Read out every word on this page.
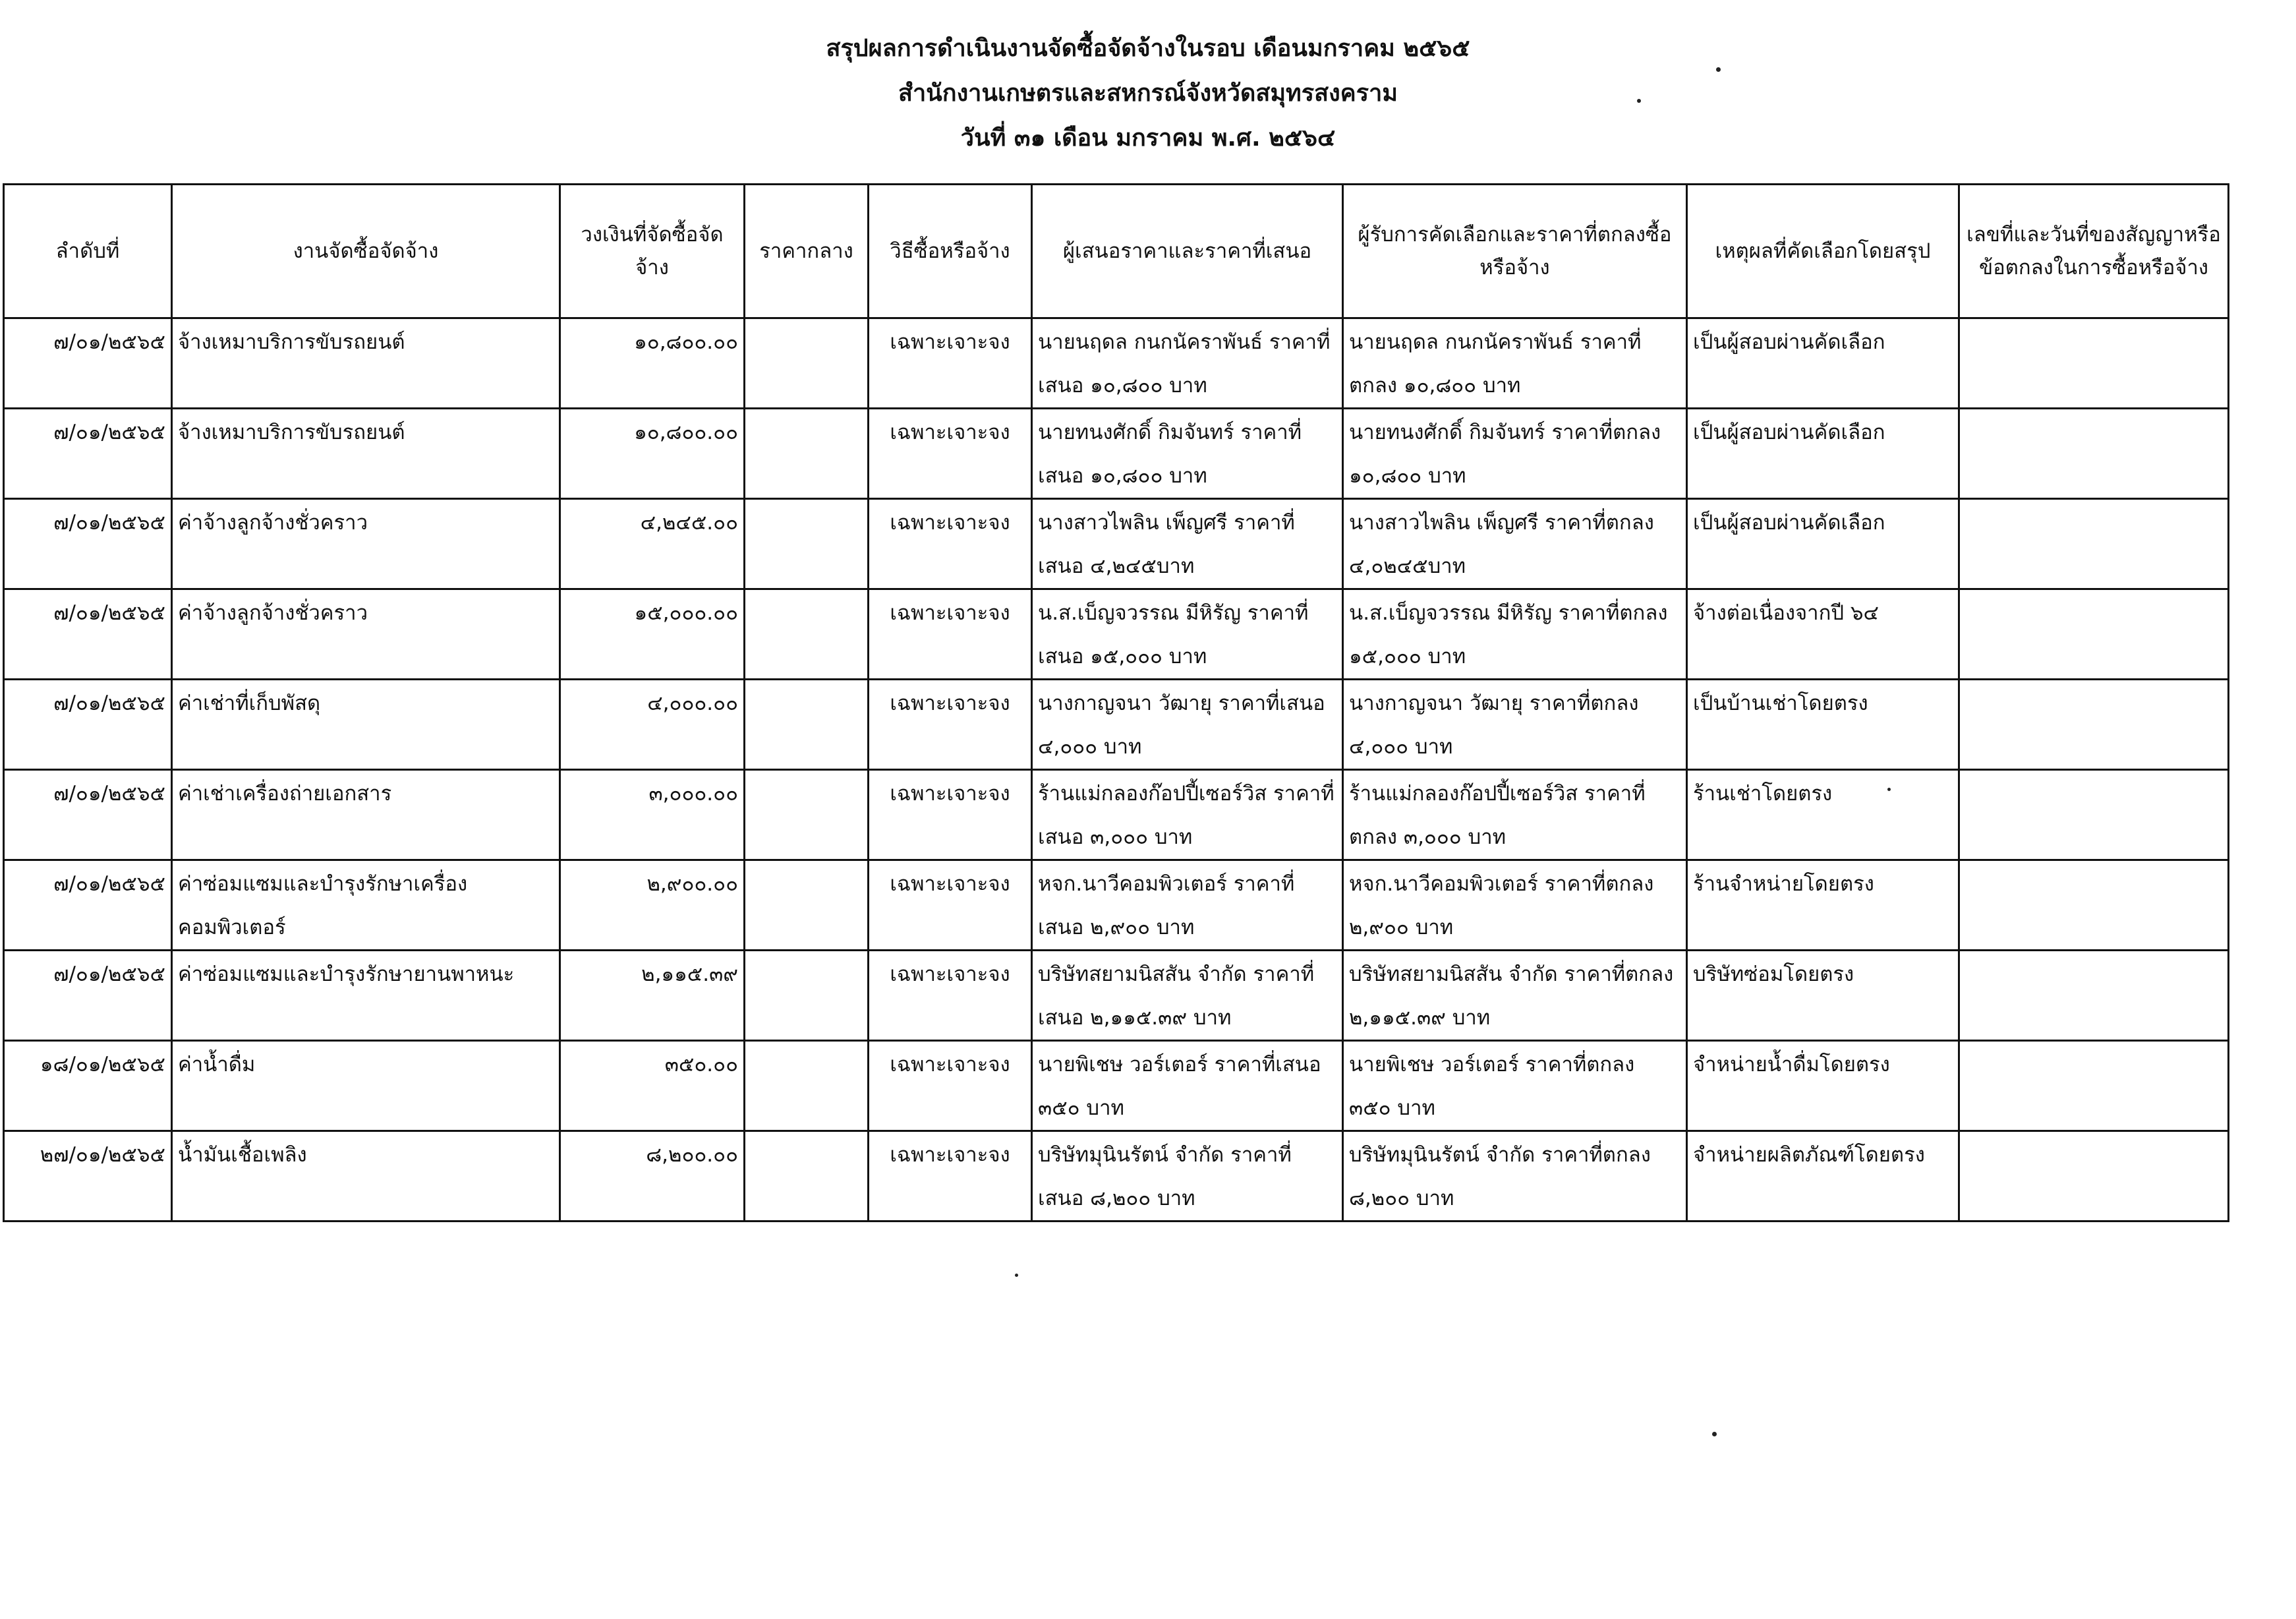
สรุปผลการดำเนินงานจัดซื้อจัดจ้างในรอบ เดือนมกราคม ๒๕๖๕
สำนักงานเกษตรและสหกรณ์จังหวัดสมุทรสงคราม
วันที่ ๓๑ เดือน มกราคม พ.ศ. ๒๕๖๔
ลำดับที่	งานจัดซื้อจัดจ้าง	วงเงินที่จัดซื้อจัดจ้าง	ราคากลาง	วิธีซื้อหรือจ้าง	ผู้เสนอราคาและราคาที่เสนอ	ผู้รับการคัดเลือกและราคาที่ตกลงซื้อหรือจ้าง	เหตุผลที่คัดเลือกโดยสรุป	เลขที่และวันที่ของสัญญาหรือข้อตกลงในการซื้อหรือจ้าง
๗/๐๑/๒๕๖๕	จ้างเหมาบริการขับรถยนต์	๑๐,๘๐๐.๐๐		เฉพาะเจาะจง	นายนฤดล กนกนัคราพันธ์ ราคาที่เสนอ ๑๐,๘๐๐ บาท	นายนฤดล กนกนัคราพันธ์ ราคาที่ตกลง ๑๐,๘๐๐ บาท	เป็นผู้สอบผ่านคัดเลือก	
๗/๐๑/๒๕๖๕	จ้างเหมาบริการขับรถยนต์	๑๐,๘๐๐.๐๐		เฉพาะเจาะจง	นายทนงศักดิ์ กิมจันทร์ ราคาที่เสนอ ๑๐,๘๐๐ บาท	นายทนงศักดิ์ กิมจันทร์ ราคาที่ตกลง ๑๐,๘๐๐ บาท	เป็นผู้สอบผ่านคัดเลือก	
๗/๐๑/๒๕๖๕	ค่าจ้างลูกจ้างชั่วคราว	๔,๒๔๕.๐๐		เฉพาะเจาะจง	นางสาวไพลิน เพ็ญศรี ราคาที่เสนอ ๔,๒๔๕บาท	นางสาวไพลิน เพ็ญศรี ราคาที่ตกลง ๔,๐๒๔๕บาท	เป็นผู้สอบผ่านคัดเลือก	
๗/๐๑/๒๕๖๕	ค่าจ้างลูกจ้างชั่วคราว	๑๕,๐๐๐.๐๐		เฉพาะเจาะจง	น.ส.เบ็ญจวรรณ มีหิรัญ ราคาที่เสนอ ๑๕,๐๐๐ บาท	น.ส.เบ็ญจวรรณ มีหิรัญ ราคาที่ตกลง ๑๕,๐๐๐ บาท	จ้างต่อเนื่องจากปี ๖๔	
๗/๐๑/๒๕๖๕	ค่าเช่าที่เก็บพัสดุ	๔,๐๐๐.๐๐		เฉพาะเจาะจง	นางกาญจนา วัฒายุ ราคาที่เสนอ ๔,๐๐๐ บาท	นางกาญจนา วัฒายุ ราคาที่ตกลง ๔,๐๐๐ บาท	เป็นบ้านเช่าโดยตรง	
๗/๐๑/๒๕๖๕	ค่าเช่าเครื่องถ่ายเอกสาร	๓,๐๐๐.๐๐		เฉพาะเจาะจง	ร้านแม่กลองก๊อปปี้เซอร์วิส ราคาที่เสนอ ๓,๐๐๐ บาท	ร้านแม่กลองก๊อปปี้เซอร์วิส ราคาที่ตกลง ๓,๐๐๐ บาท	ร้านเช่าโดยตรง	
๗/๐๑/๒๕๖๕	ค่าซ่อมแซมและบำรุงรักษาเครื่องคอมพิวเตอร์	๒,๙๐๐.๐๐		เฉพาะเจาะจง	หจก.นาวีคอมพิวเตอร์ ราคาที่เสนอ ๒,๙๐๐ บาท	หจก.นาวีคอมพิวเตอร์ ราคาที่ตกลง ๒,๙๐๐ บาท	ร้านจำหน่ายโดยตรง	
๗/๐๑/๒๕๖๕	ค่าซ่อมแซมและบำรุงรักษายานพาหนะ	๒,๑๑๕.๓๙		เฉพาะเจาะจง	บริษัทสยามนิสสัน จำกัด ราคาที่เสนอ ๒,๑๑๕.๓๙ บาท	บริษัทสยามนิสสัน จำกัด ราคาที่ตกลง ๒,๑๑๕.๓๙ บาท	บริษัทซ่อมโดยตรง	
๑๘/๐๑/๒๕๖๕	ค่าน้ำดื่ม	๓๕๐.๐๐		เฉพาะเจาะจง	นายพิเชษ วอร์เตอร์ ราคาที่เสนอ ๓๕๐ บาท	นายพิเชษ วอร์เตอร์ ราคาที่ตกลง ๓๕๐ บาท	จำหน่ายน้ำดื่มโดยตรง	
๒๗/๐๑/๒๕๖๕	น้ำมันเชื้อเพลิง	๘,๒๐๐.๐๐		เฉพาะเจาะจง	บริษัทมุนินรัตน์ จำกัด ราคาที่เสนอ ๘,๒๐๐ บาท	บริษัทมุนินรัตน์ จำกัด ราคาที่ตกลง ๘,๒๐๐ บาท	จำหน่ายผลิตภัณฑ์โดยตรง	
